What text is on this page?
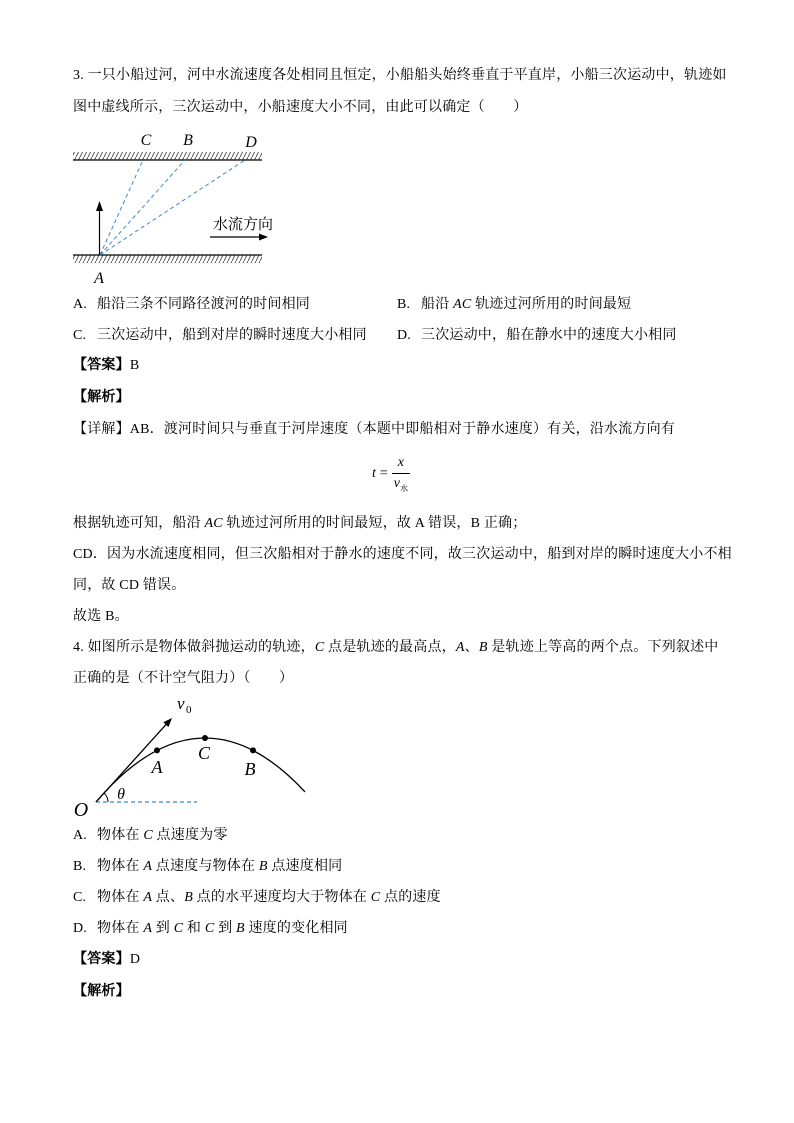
3. 一只小船过河，河中水流速度各处相同且恒定，小船船头始终垂直于平直岸，小船三次运动中，轨迹如
图中虚线所示，三次运动中，小船速度大小不同，由此可以确定（　　）
水流方向
C B	D
A
A. 船沿三条不同路径渡河的时间相同	B. 船沿 AC 轨迹过河所用的时间最短
C. 三次运动中，船到对岸的瞬时速度大小相同 D. 三次运动中，船在静水中的速度大小相同
【答案】B
【解析】
【详解】AB．渡河时间只与垂直于河岸速度（本题中即船相对于静水速度）有关，沿水流方向有
$t = \frac{x}{v_水}$
根据轨迹可知，船沿 AC 轨迹过河所用的时间最短，故 A 错误，B 正确；
CD．因为水流速度相同，但三次船相对于静水的速度不同，故三次运动中，船到对岸的瞬时速度大小不相
同，故 CD 错误。
故选 B。
4. 如图所示是物体做斜抛运动的轨迹，C 点是轨迹的最高点，A、B 是轨迹上等高的两个点。下列叙述中
正确的是（不计空气阻力）（　　）
O
v 0
θ
A
C
B
A. 物体在 C 点速度为零
B. 物体在 A 点速度与物体在 B 点速度相同
C. 物体在 A 点、B 点的水平速度均大于物体在 C 点的速度
D. 物体在 A 到 C 和 C 到 B 速度的变化相同
【答案】D
【解析】
